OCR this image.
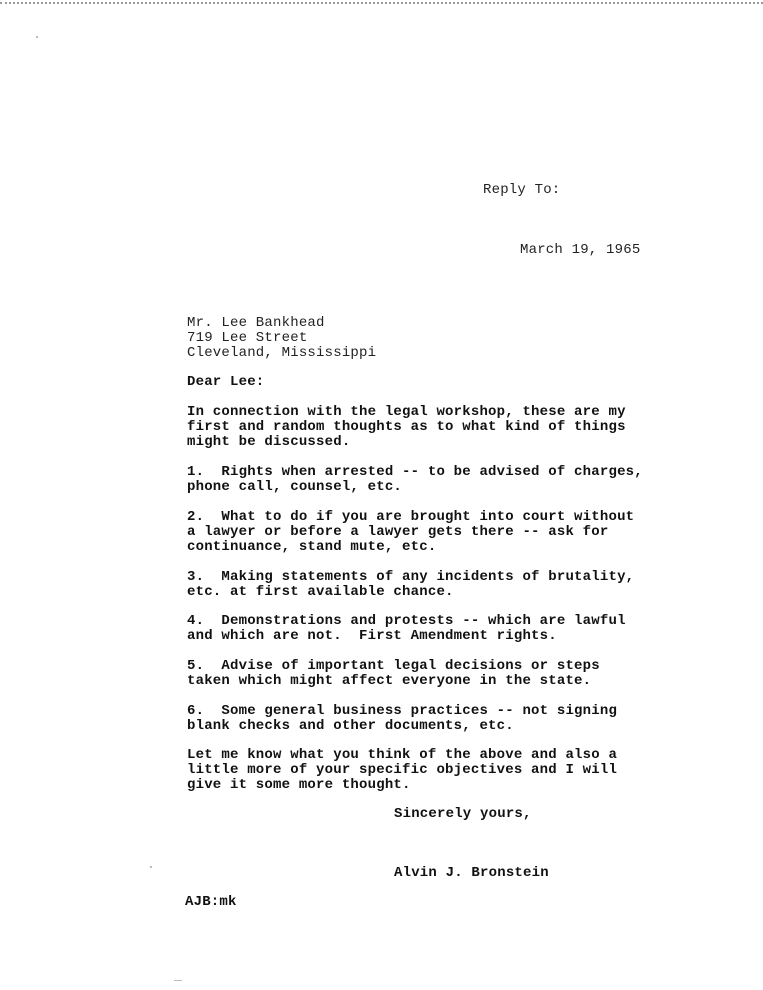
Reply To:

March 19, 1965

Mr. Lee Bankhead

719 Lee Street

Cleveland, Mississippi

Dear Lee:

In connection with the legal workshop, these are my

first and random thoughts as to what kind of things

might be discussed.

1.  Rights when arrested -- to be advised of charges,

phone call, counsel, etc.

2.  What to do if you are brought into court without

a lawyer or before a lawyer gets there -- ask for

continuance, stand mute, etc.

3.  Making statements of any incidents of brutality,

etc. at first available chance.

4.  Demonstrations and protests -- which are lawful

and which are not.  First Amendment rights.

5.  Advise of important legal decisions or steps

taken which might affect everyone in the state.

6.  Some general business practices -- not signing

blank checks and other documents, etc.

Let me know what you think of the above and also a

little more of your specific objectives and I will

give it some more thought.

Sincerely yours,

Alvin J. Bronstein

AJB:mk
